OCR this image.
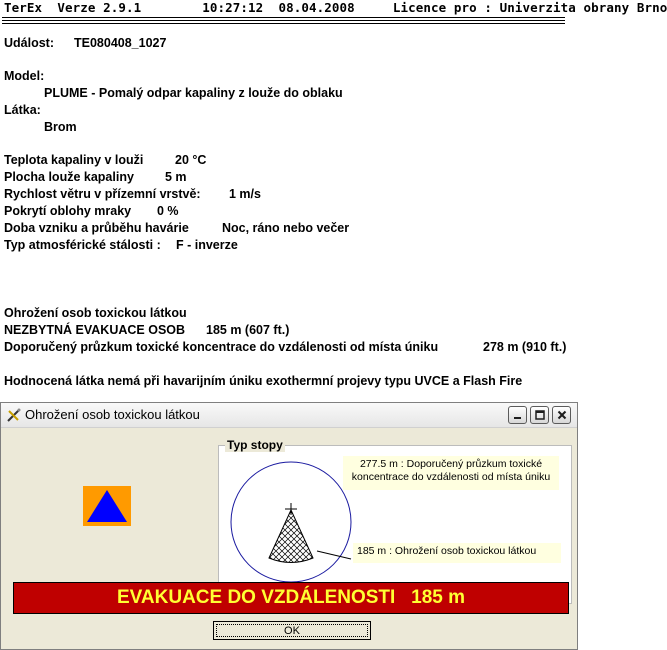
TerEx  Verze 2.9.1        10:27:12  08.04.2008     Licence pro : Univerzita obrany Brno
Událost: TE080408_1027
Model:
PLUME - Pomalý odpar kapaliny z louže do oblaku
Látka:
Brom
Teplota kapaliny v louži	20 °C
Plocha louže kapaliny 5 m
Rychlost větru v přízemní vrstvě: 1 m/s
Pokrytí oblohy mraky 0 %
Doba vzniku a průběhu havárie	Noc, ráno nebo večer
Typ atmosférické stálosti : F - inverze
Ohrožení osob toxickou látkou
NEZBYTNÁ EVAKUACE OSOB 185 m (607 ft.)
Doporučený průzkum toxické koncentrace do vzdálenosti od místa úniku	278 m (910 ft.)
Hodnocená látka nemá při havarijním úniku exothermní projevy typu UVCE a Flash Fire
Ohrožení osob toxickou látkou
Typ stopy
277.5 m : Doporučený průzkum toxické koncentrace do vzdálenosti od místa úniku
185 m : Ohrožení osob toxickou látkou
EVAKUACE DO VZDÁLENOSTI   185 m
OK
